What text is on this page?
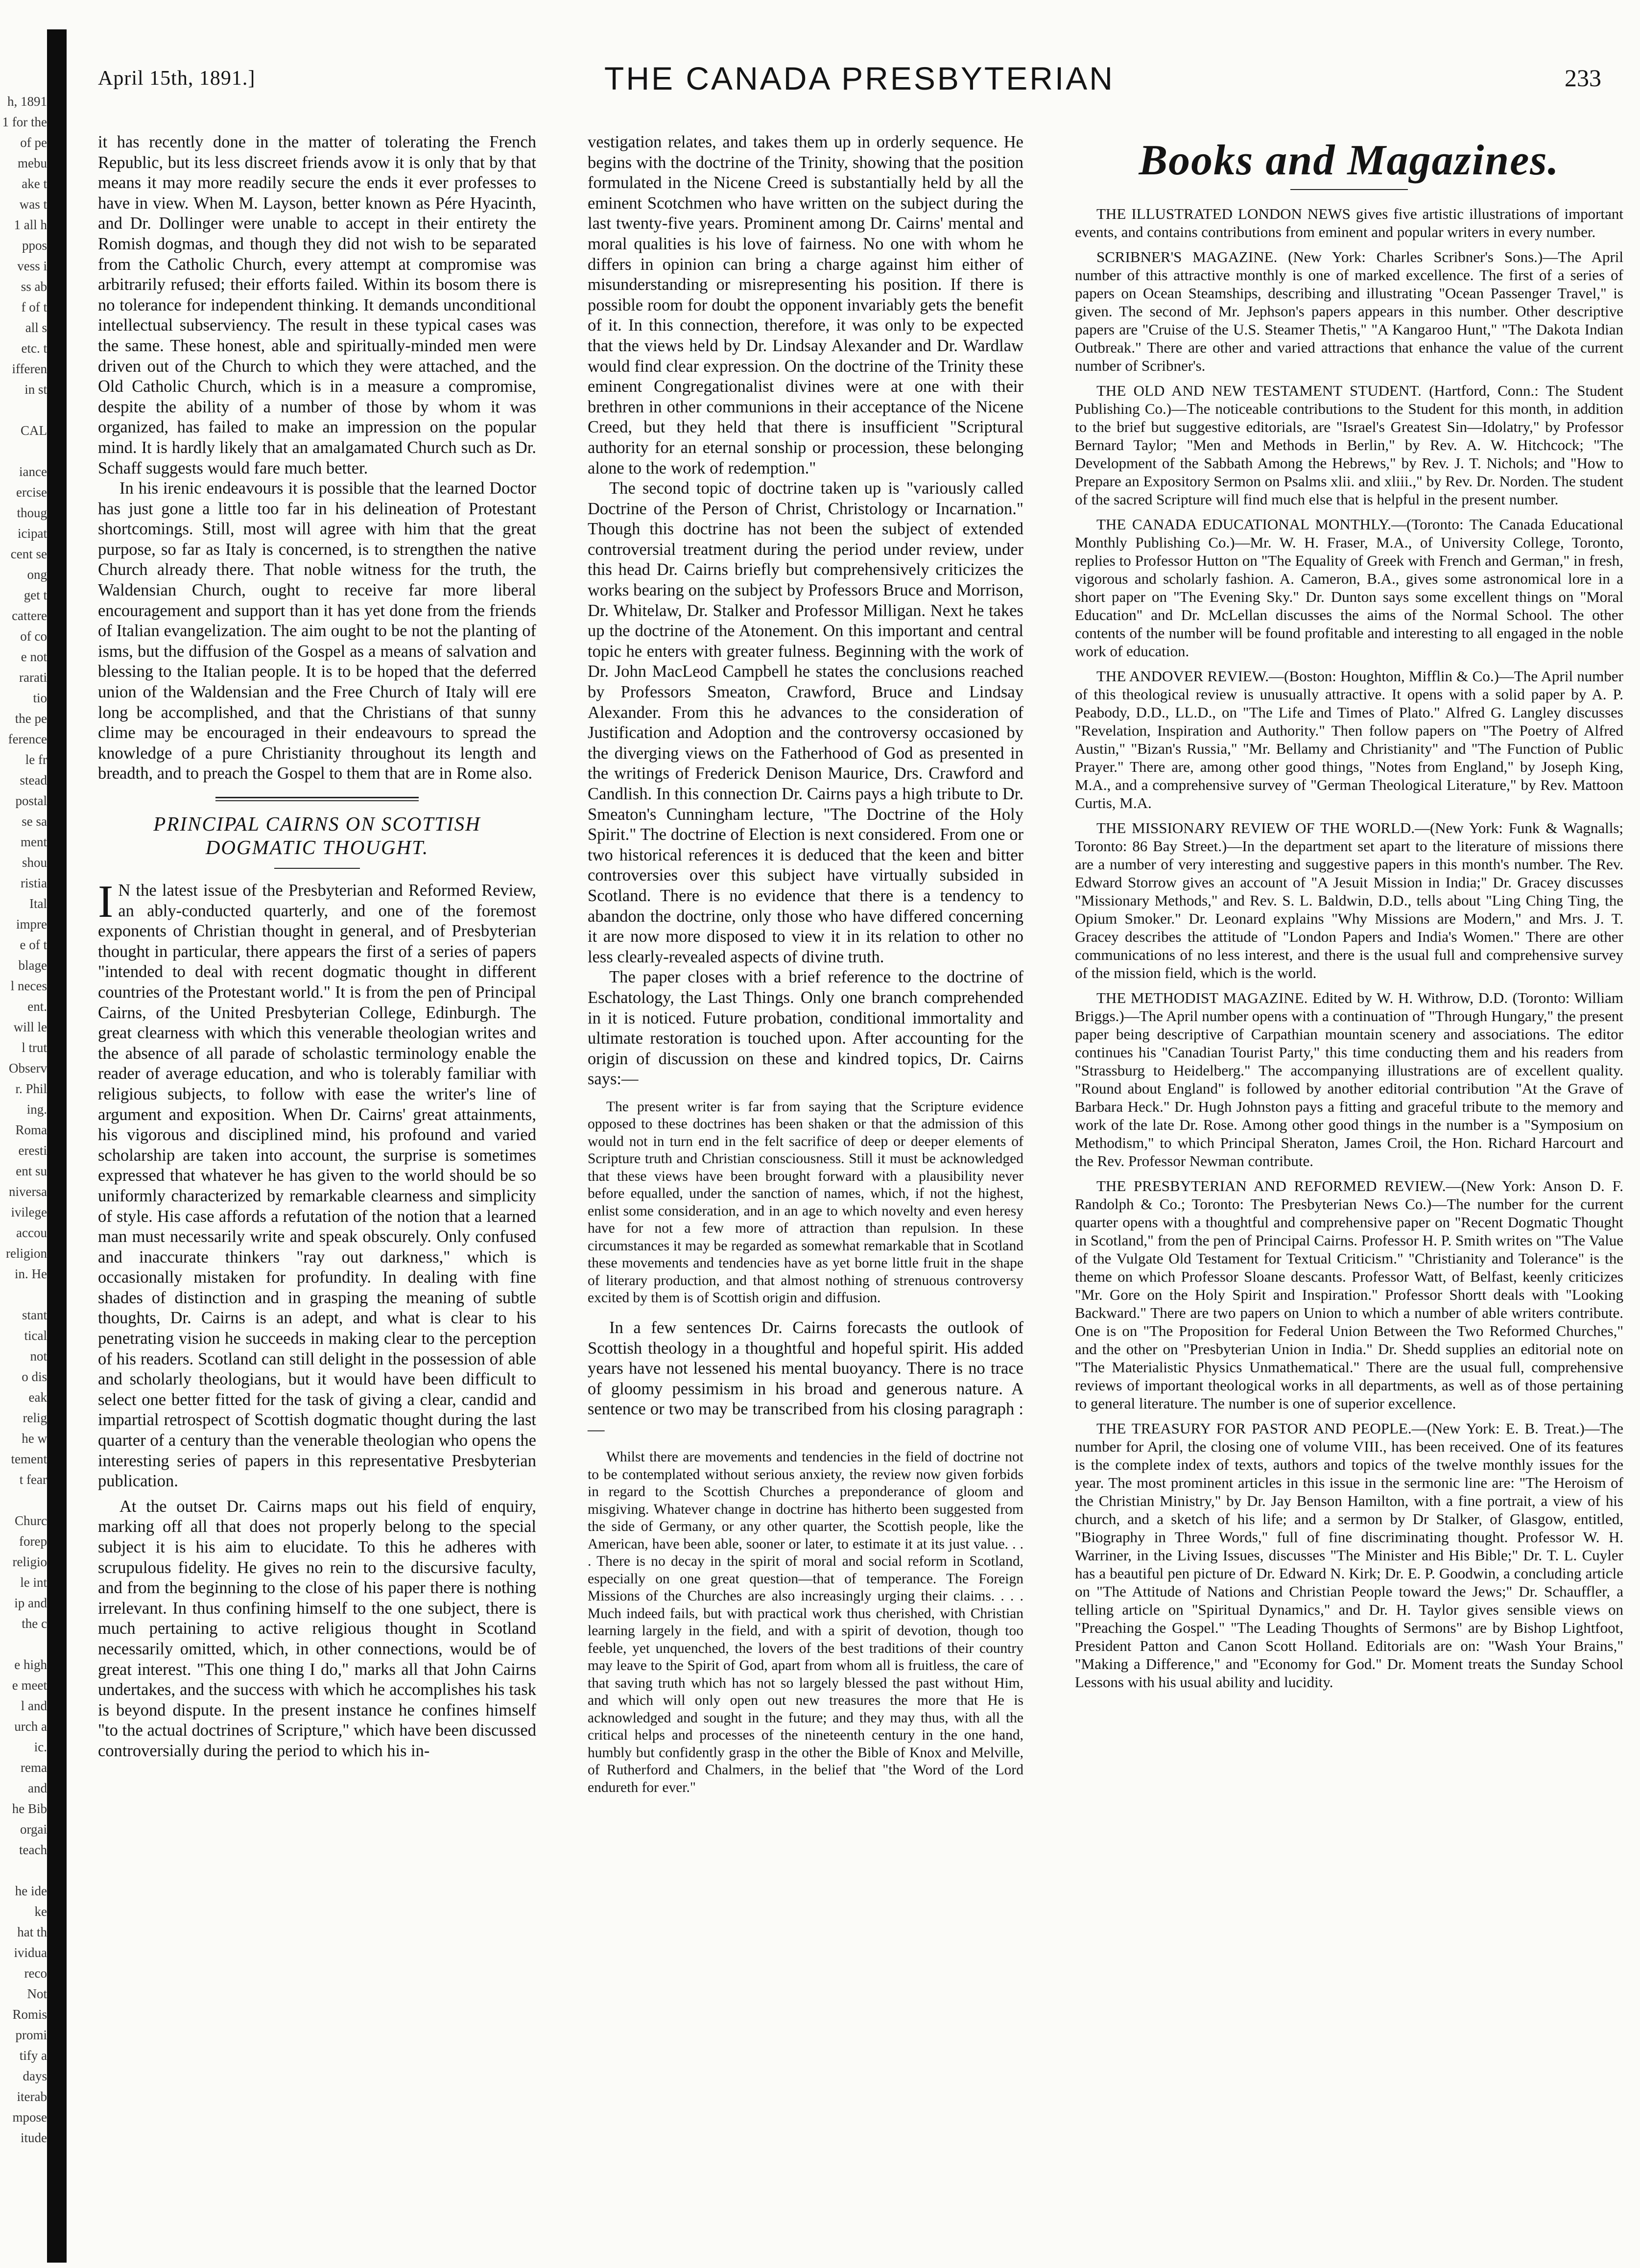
h, 1891
1 for the
of pe
mebu
ake t
was t
1 all h
ppos
vess i
ss ab
f of t
all s
etc. t
ifferen
in st
CAL
iance
ercise
thoug
icipat
cent se
ong
get t
cattere
of co
e not
rarati
tio
the pe
ference
le fr
stead
postal
se sa
ment
shou
ristia
Ital
impre
e of t
blage
l neces
ent.
will le
l trut
Observ
r. Phil
ing.
Roma
eresti
ent su
niversa
ivilege
accou
religion
in. He
stant
tical
not
o dis
eak
relig
he w
tement
t fear
Churc
forep
religio
le int
ip and
the c
e high
e meet
l and
urch a
ic.
rema
and
he Bib
orgai
teach
he ide
ke
hat th
ividua
reco
Not
Romis
promi
tify a
days
iterab
mpose
itude
April 15th, 1891.]	THE CANADA PRESBYTERIAN	233

it has recently done in the matter of tolerating the French Republic, but its less discreet friends avow it is only that by that means it may more readily secure the ends it ever professes to have in view. When M. Layson, better known as Pére Hyacinth, and Dr. Dollinger were unable to accept in their entirety the Romish dogmas, and though they did not wish to be separated from the Catholic Church, every attempt at compromise was arbitrarily refused; their efforts failed. Within its bosom there is no tolerance for independent thinking. It demands unconditional intellectual subserviency. The result in these typical cases was the same. These honest, able and spiritually-minded men were driven out of the Church to which they were attached, and the Old Catholic Church, which is in a measure a compromise, despite the ability of a number of those by whom it was organized, has failed to make an impression on the popular mind. It is hardly likely that an amalgamated Church such as Dr. Schaff suggests would fare much better.

In his irenic endeavours it is possible that the learned Doctor has just gone a little too far in his delineation of Protestant shortcomings. Still, most will agree with him that the great purpose, so far as Italy is concerned, is to strengthen the native Church already there. That noble witness for the truth, the Waldensian Church, ought to receive far more liberal encouragement and support than it has yet done from the friends of Italian evangelization. The aim ought to be not the planting of isms, but the diffusion of the Gospel as a means of salvation and blessing to the Italian people. It is to be hoped that the deferred union of the Waldensian and the Free Church of Italy will ere long be accomplished, and that the Christians of that sunny clime may be encouraged in their endeavours to spread the knowledge of a pure Christianity throughout its length and breadth, and to preach the Gospel to them that are in Rome also.

PRINCIPAL CAIRNS ON SCOTTISH DOGMATIC THOUGHT.

I N the latest issue of the Presbyterian and Reformed Review, an ably-conducted quarterly, and one of the foremost exponents of Christian thought in general, and of Presbyterian thought in particular, there appears the first of a series of papers "intended to deal with recent dogmatic thought in different countries of the Protestant world." It is from the pen of Principal Cairns, of the United Presbyterian College, Edinburgh. The great clearness with which this venerable theologian writes and the absence of all parade of scholastic terminology enable the reader of average education, and who is tolerably familiar with religious subjects, to follow with ease the writer's line of argument and exposition. When Dr. Cairns' great attainments, his vigorous and disciplined mind, his profound and varied scholarship are taken into account, the surprise is sometimes expressed that whatever he has given to the world should be so uniformly characterized by remarkable clearness and simplicity of style. His case affords a refutation of the notion that a learned man must necessarily write and speak obscurely. Only confused and inaccurate thinkers "ray out darkness," which is occasionally mistaken for profundity. In dealing with fine shades of distinction and in grasping the meaning of subtle thoughts, Dr. Cairns is an adept, and what is clear to his penetrating vision he succeeds in making clear to the perception of his readers. Scotland can still delight in the possession of able and scholarly theologians, but it would have been difficult to select one better fitted for the task of giving a clear, candid and impartial retrospect of Scottish dogmatic thought during the last quarter of a century than the venerable theologian who opens the interesting series of papers in this representative Presbyterian publication.

At the outset Dr. Cairns maps out his field of enquiry, marking off all that does not properly belong to the special subject it is his aim to elucidate. To this he adheres with scrupulous fidelity. He gives no rein to the discursive faculty, and from the beginning to the close of his paper there is nothing irrelevant. In thus confining himself to the one subject, there is much pertaining to active religious thought in Scotland necessarily omitted, which, in other connections, would be of great interest. "This one thing I do," marks all that John Cairns undertakes, and the success with which he accomplishes his task is beyond dispute. In the present instance he confines himself "to the actual doctrines of Scripture," which have been discussed controversially during the period to which his in-

vestigation relates, and takes them up in orderly sequence. He begins with the doctrine of the Trinity, showing that the position formulated in the Nicene Creed is substantially held by all the eminent Scotchmen who have written on the subject during the last twenty-five years. Prominent among Dr. Cairns' mental and moral qualities is his love of fairness. No one with whom he differs in opinion can bring a charge against him either of misunderstanding or misrepresenting his position. If there is possible room for doubt the opponent invariably gets the benefit of it. In this connection, therefore, it was only to be expected that the views held by Dr. Lindsay Alexander and Dr. Wardlaw would find clear expression. On the doctrine of the Trinity these eminent Congregationalist divines were at one with their brethren in other communions in their acceptance of the Nicene Creed, but they held that there is insufficient "Scriptural authority for an eternal sonship or procession, these belonging alone to the work of redemption."

The second topic of doctrine taken up is "variously called Doctrine of the Person of Christ, Christology or Incarnation." Though this doctrine has not been the subject of extended controversial treatment during the period under review, under this head Dr. Cairns briefly but comprehensively criticizes the works bearing on the subject by Professors Bruce and Morrison, Dr. Whitelaw, Dr. Stalker and Professor Milligan. Next he takes up the doctrine of the Atonement. On this important and central topic he enters with greater fulness. Beginning with the work of Dr. John MacLeod Campbell he states the conclusions reached by Professors Smeaton, Crawford, Bruce and Lindsay Alexander. From this he advances to the consideration of Justification and Adoption and the controversy occasioned by the diverging views on the Fatherhood of God as presented in the writings of Frederick Denison Maurice, Drs. Crawford and Candlish. In this connection Dr. Cairns pays a high tribute to Dr. Smeaton's Cunningham lecture, "The Doctrine of the Holy Spirit." The doctrine of Election is next considered. From one or two historical references it is deduced that the keen and bitter controversies over this subject have virtually subsided in Scotland. There is no evidence that there is a tendency to abandon the doctrine, only those who have differed concerning it are now more disposed to view it in its relation to other no less clearly-revealed aspects of divine truth.

The paper closes with a brief reference to the doctrine of Eschatology, the Last Things. Only one branch comprehended in it is noticed. Future probation, conditional immortality and ultimate restoration is touched upon. After accounting for the origin of discussion on these and kindred topics, Dr. Cairns says:—

The present writer is far from saying that the Scripture evidence opposed to these doctrines has been shaken or that the admission of this would not in turn end in the felt sacrifice of deep or deeper elements of Scripture truth and Christian consciousness. Still it must be acknowledged that these views have been brought forward with a plausibility never before equalled, under the sanction of names, which, if not the highest, enlist some consideration, and in an age to which novelty and even heresy have for not a few more of attraction than repulsion. In these circumstances it may be regarded as somewhat remarkable that in Scotland these movements and tendencies have as yet borne little fruit in the shape of literary production, and that almost nothing of strenuous controversy excited by them is of Scottish origin and diffusion.

In a few sentences Dr. Cairns forecasts the outlook of Scottish theology in a thoughtful and hopeful spirit. His added years have not lessened his mental buoyancy. There is no trace of gloomy pessimism in his broad and generous nature. A sentence or two may be transcribed from his closing paragraph :—

Whilst there are movements and tendencies in the field of doctrine not to be contemplated without serious anxiety, the review now given forbids in regard to the Scottish Churches a preponderance of gloom and misgiving. Whatever change in doctrine has hitherto been suggested from the side of Germany, or any other quarter, the Scottish people, like the American, have been able, sooner or later, to estimate it at its just value. . . . There is no decay in the spirit of moral and social reform in Scotland, especially on one great question—that of temperance. The Foreign Missions of the Churches are also increasingly urging their claims. . . . Much indeed fails, but with practical work thus cherished, with Christian learning largely in the field, and with a spirit of devotion, though too feeble, yet unquenched, the lovers of the best traditions of their country may leave to the Spirit of God, apart from whom all is fruitless, the care of that saving truth which has not so largely blessed the past without Him, and which will only open out new treasures the more that He is acknowledged and sought in the future; and they may thus, with all the critical helps and processes of the nineteenth century in the one hand, humbly but confidently grasp in the other the Bible of Knox and Melville, of Rutherford and Chalmers, in the belief that "the Word of the Lord endureth for ever."

Books and Magazines.

THE ILLUSTRATED LONDON NEWS gives five artistic illustrations of important events, and contains contributions from eminent and popular writers in every number.

SCRIBNER'S MAGAZINE. (New York: Charles Scribner's Sons.)—The April number of this attractive monthly is one of marked excellence. The first of a series of papers on Ocean Steamships, describing and illustrating "Ocean Passenger Travel," is given. The second of Mr. Jephson's papers appears in this number. Other descriptive papers are "Cruise of the U.S. Steamer Thetis," "A Kangaroo Hunt," "The Dakota Indian Outbreak." There are other and varied attractions that enhance the value of the current number of Scribner's.

THE OLD AND NEW TESTAMENT STUDENT. (Hartford, Conn.: The Student Publishing Co.)—The noticeable contributions to the Student for this month, in addition to the brief but suggestive editorials, are "Israel's Greatest Sin—Idolatry," by Professor Bernard Taylor; "Men and Methods in Berlin," by Rev. A. W. Hitchcock; "The Development of the Sabbath Among the Hebrews," by Rev. J. T. Nichols; and "How to Prepare an Expository Sermon on Psalms xlii. and xliii.," by Rev. Dr. Norden. The student of the sacred Scripture will find much else that is helpful in the present number.

THE CANADA EDUCATIONAL MONTHLY.—(Toronto: The Canada Educational Monthly Publishing Co.)—Mr. W. H. Fraser, M.A., of University College, Toronto, replies to Professor Hutton on "The Equality of Greek with French and German," in fresh, vigorous and scholarly fashion. A. Cameron, B.A., gives some astronomical lore in a short paper on "The Evening Sky." Dr. Dunton says some excellent things on "Moral Education" and Dr. McLellan discusses the aims of the Normal School. The other contents of the number will be found profitable and interesting to all engaged in the noble work of education.

THE ANDOVER REVIEW.—(Boston: Houghton, Mifflin & Co.)—The April number of this theological review is unusually attractive. It opens with a solid paper by A. P. Peabody, D.D., LL.D., on "The Life and Times of Plato." Alfred G. Langley discusses "Revelation, Inspiration and Authority." Then follow papers on "The Poetry of Alfred Austin," "Bizan's Russia," "Mr. Bellamy and Christianity" and "The Function of Public Prayer." There are, among other good things, "Notes from England," by Joseph King, M.A., and a comprehensive survey of "German Theological Literature," by Rev. Mattoon Curtis, M.A.

THE MISSIONARY REVIEW OF THE WORLD.—(New York: Funk & Wagnalls; Toronto: 86 Bay Street.)—In the department set apart to the literature of missions there are a number of very interesting and suggestive papers in this month's number. The Rev. Edward Storrow gives an account of "A Jesuit Mission in India;" Dr. Gracey discusses "Missionary Methods," and Rev. S. L. Baldwin, D.D., tells about "Ling Ching Ting, the Opium Smoker." Dr. Leonard explains "Why Missions are Modern," and Mrs. J. T. Gracey describes the attitude of "London Papers and India's Women." There are other communications of no less interest, and there is the usual full and comprehensive survey of the mission field, which is the world.

THE METHODIST MAGAZINE. Edited by W. H. Withrow, D.D. (Toronto: William Briggs.)—The April number opens with a continuation of "Through Hungary," the present paper being descriptive of Carpathian mountain scenery and associations. The editor continues his "Canadian Tourist Party," this time conducting them and his readers from "Strassburg to Heidelberg." The accompanying illustrations are of excellent quality. "Round about England" is followed by another editorial contribution "At the Grave of Barbara Heck." Dr. Hugh Johnston pays a fitting and graceful tribute to the memory and work of the late Dr. Rose. Among other good things in the number is a "Symposium on Methodism," to which Principal Sheraton, James Croil, the Hon. Richard Harcourt and the Rev. Professor Newman contribute.

THE PRESBYTERIAN AND REFORMED REVIEW.—(New York: Anson D. F. Randolph & Co.; Toronto: The Presbyterian News Co.)—The number for the current quarter opens with a thoughtful and comprehensive paper on "Recent Dogmatic Thought in Scotland," from the pen of Principal Cairns. Professor H. P. Smith writes on "The Value of the Vulgate Old Testament for Textual Criticism." "Christianity and Tolerance" is the theme on which Professor Sloane descants. Professor Watt, of Belfast, keenly criticizes "Mr. Gore on the Holy Spirit and Inspiration." Professor Shortt deals with "Looking Backward." There are two papers on Union to which a number of able writers contribute. One is on "The Proposition for Federal Union Between the Two Reformed Churches," and the other on "Presbyterian Union in India." Dr. Shedd supplies an editorial note on "The Materialistic Physics Unmathematical." There are the usual full, comprehensive reviews of important theological works in all departments, as well as of those pertaining to general literature. The number is one of superior excellence.

THE TREASURY FOR PASTOR AND PEOPLE.—(New York: E. B. Treat.)—The number for April, the closing one of volume VIII., has been received. One of its features is the complete index of texts, authors and topics of the twelve monthly issues for the year. The most prominent articles in this issue in the sermonic line are: "The Heroism of the Christian Ministry," by Dr. Jay Benson Hamilton, with a fine portrait, a view of his church, and a sketch of his life; and a sermon by Dr Stalker, of Glasgow, entitled, "Biography in Three Words," full of fine discriminating thought. Professor W. H. Warriner, in the Living Issues, discusses "The Minister and His Bible;" Dr. T. L. Cuyler has a beautiful pen picture of Dr. Edward N. Kirk; Dr. E. P. Goodwin, a concluding article on "The Attitude of Nations and Christian People toward the Jews;" Dr. Schauffler, a telling article on "Spiritual Dynamics," and Dr. H. Taylor gives sensible views on "Preaching the Gospel." "The Leading Thoughts of Sermons" are by Bishop Lightfoot, President Patton and Canon Scott Holland. Editorials are on: "Wash Your Brains," "Making a Difference," and "Economy for God." Dr. Moment treats the Sunday School Lessons with his usual ability and lucidity.
